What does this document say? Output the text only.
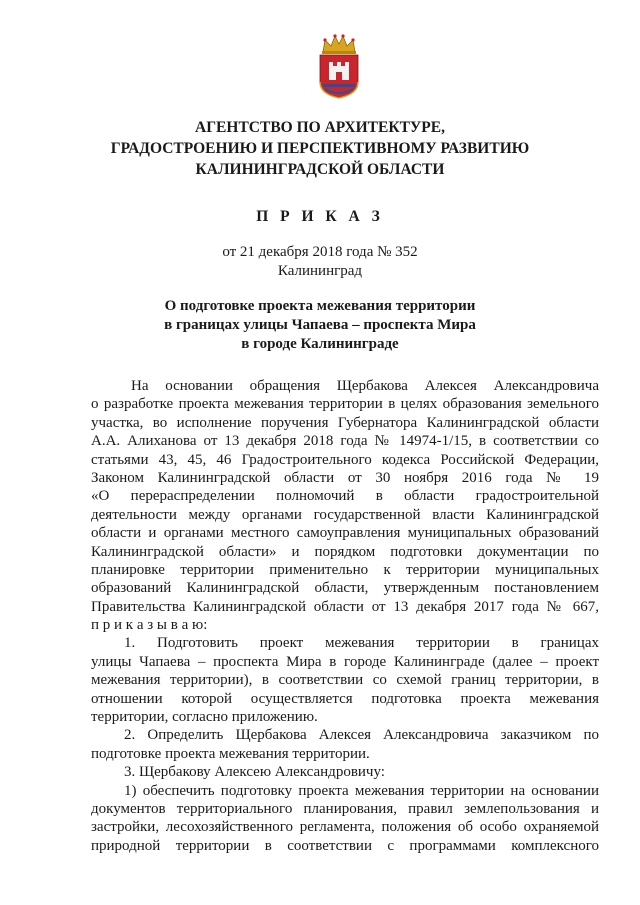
АГЕНТСТВО ПО АРХИТЕКТУРЕ,
ГРАДОСТРОЕНИЮ И ПЕРСПЕКТИВНОМУ РАЗВИТИЮ
КАЛИНИНГРАДСКОЙ ОБЛАСТИ
П Р И К А З
от 21 декабря 2018 года № 352
Калининград
О подготовке проекта межевания территории
в границах улицы Чапаева – проспекта Мира
в городе Калининграде
На основании обращения Щербакова Алексея Александровича
о разработке проекта межевания территории в целях образования земельного
участка, во исполнение поручения Губернатора Калининградской области
А.А. Алиханова от 13 декабря 2018 года № 14974-1/15, в соответствии со
статьями 43, 45, 46 Градостроительного кодекса Российской Федерации,
Законом Калининградской области от 30 ноября 2016 года № 19
«О перераспределении полномочий в области градостроительной
деятельности между органами государственной власти Калининградской
области и органами местного самоуправления муниципальных образований
Калининградской области» и порядком подготовки документации по
планировке территории применительно к территории муниципальных
образований Калининградской области, утвержденным постановлением
Правительства Калининградской области от 13 декабря 2017 года № 667,
п р и к а з ы в а ю:
1. Подготовить проект межевания территории в границах
улицы Чапаева – проспекта Мира в городе Калининграде (далее – проект
межевания территории), в соответствии со схемой границ территории, в
отношении которой осуществляется подготовка проекта межевания
территории, согласно приложению.
2. Определить Щербакова Алексея Александровича заказчиком по
подготовке проекта межевания территории.
3. Щербакову Алексею Александровичу:
1) обеспечить подготовку проекта межевания территории на основании
документов территориального планирования, правил землепользования и
застройки, лесохозяйственного регламента, положения об особо охраняемой
природной территории в соответствии с программами комплексного
